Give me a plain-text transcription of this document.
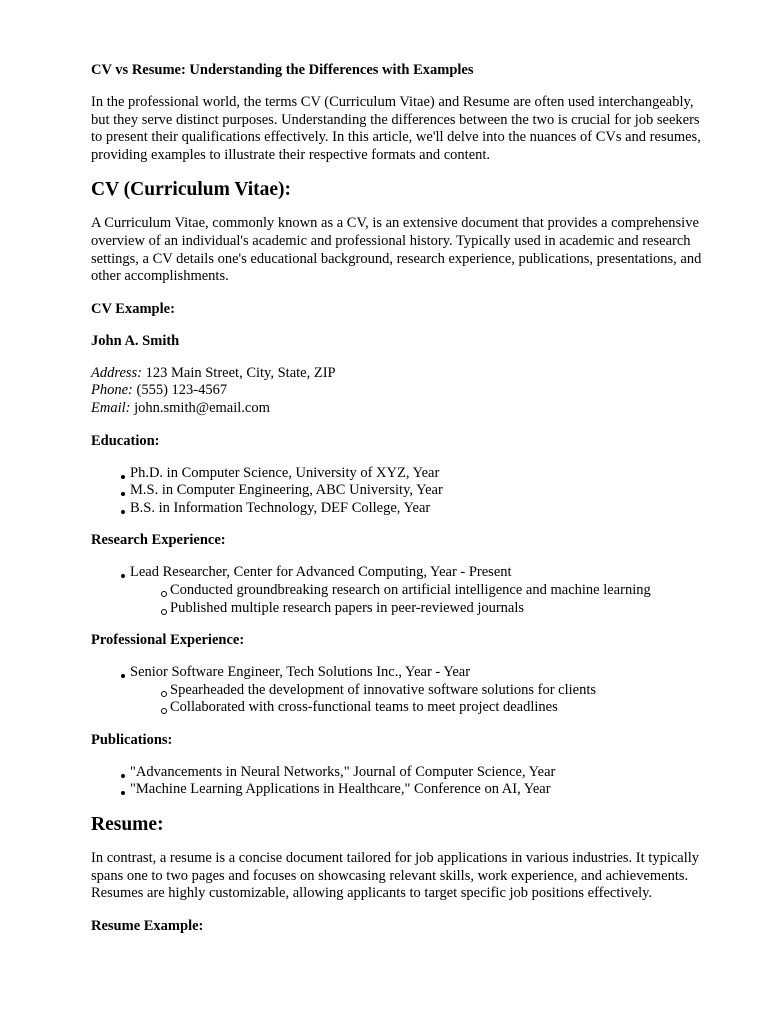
CV vs Resume: Understanding the Differences with Examples

In the professional world, the terms CV (Curriculum Vitae) and Resume are often used interchangeably, but they serve distinct purposes. Understanding the differences between the two is crucial for job seekers to present their qualifications effectively. In this article, we'll delve into the nuances of CVs and resumes, providing examples to illustrate their respective formats and content.

CV (Curriculum Vitae):

A Curriculum Vitae, commonly known as a CV, is an extensive document that provides a comprehensive overview of an individual's academic and professional history. Typically used in academic and research settings, a CV details one's educational background, research experience, publications, presentations, and other accomplishments.

CV Example:
John A. Smith
Address: 123 Main Street, City, State, ZIP
Phone: (555) 123-4567
Email: john.smith@email.com
Education:
Ph.D. in Computer Science, University of XYZ, Year
M.S. in Computer Engineering, ABC University, Year
B.S. in Information Technology, DEF College, Year
Research Experience:
Lead Researcher, Center for Advanced Computing, Year - Present
Conducted groundbreaking research on artificial intelligence and machine learning
Published multiple research papers in peer-reviewed journals
Professional Experience:
Senior Software Engineer, Tech Solutions Inc., Year - Year
Spearheaded the development of innovative software solutions for clients
Collaborated with cross-functional teams to meet project deadlines
Publications:
"Advancements in Neural Networks," Journal of Computer Science, Year
"Machine Learning Applications in Healthcare," Conference on AI, Year
Resume:

In contrast, a resume is a concise document tailored for job applications in various industries. It typically spans one to two pages and focuses on showcasing relevant skills, work experience, and achievements. Resumes are highly customizable, allowing applicants to target specific job positions effectively.

Resume Example:
